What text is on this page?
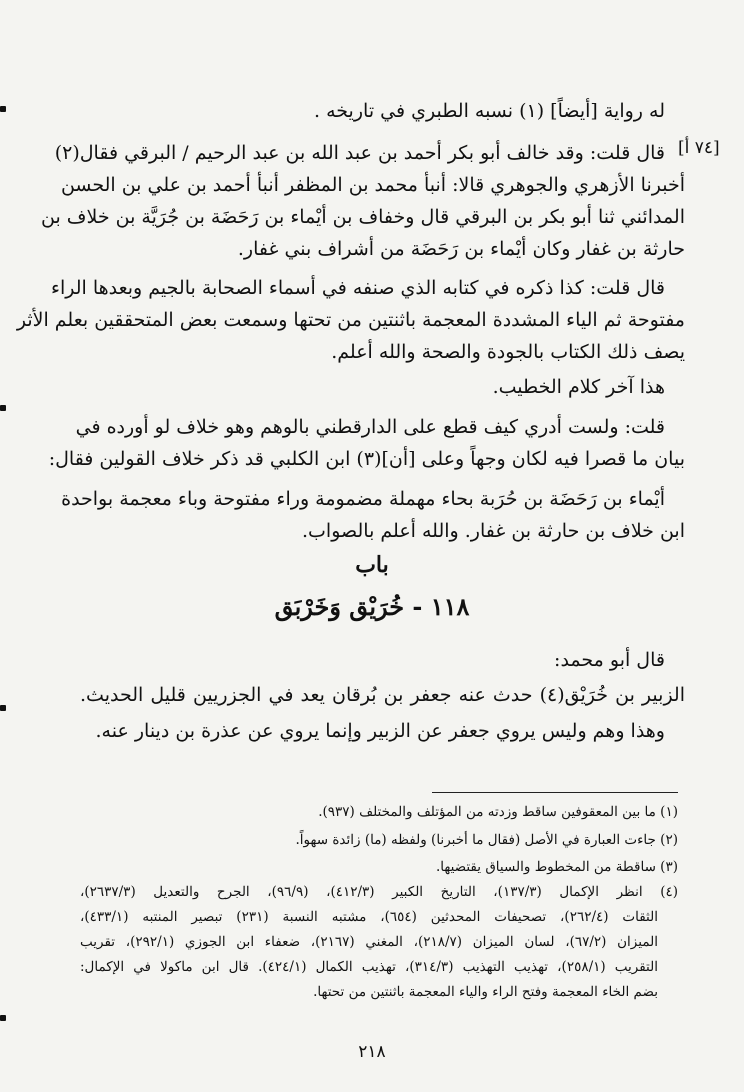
[٧٤ أ]
له رواية [أيضاً] (١) نسبه الطبري في تاريخه .
قال قلت: وقد خالف أبو بكر أحمد بن عبد الله بن عبد الرحيم / البرقي فقال(٢)
أخبرنا الأزهري والجوهري قالا: أنبأ محمد بن المظفر أنبأ أحمد بن علي بن الحسن
المدائني ثنا أبو بكر بن البرقي قال وخفاف بن أيْماء بن رَحَضَة بن جُرَيَّة بن خلاف بن
حارثة بن غفار وكان أيْماء بن رَحَضَة من أشراف بني غفار.
قال قلت: كذا ذكره في كتابه الذي صنفه في أسماء الصحابة بالجيم وبعدها الراء
مفتوحة ثم الياء المشددة المعجمة باثنتين من تحتها وسمعت بعض المتحققين بعلم الأثر
يصف ذلك الكتاب بالجودة والصحة والله أعلم.
هذا آخر كلام الخطيب.
قلت: ولست أدري كيف قطع على الدارقطني بالوهم وهو خلاف لو أورده في
بيان ما قصرا فيه لكان وجهاً وعلى [أن](٣) ابن الكلبي قد ذكر خلاف القولين فقال:
أيْماء بن رَحَضَة بن حُرَبة بحاء مهملة مضمومة وراء مفتوحة وباء معجمة بواحدة
ابن خلاف بن حارثة بن غفار. والله أعلم بالصواب.
باب
١١٨ - خُرَيْق وَخَرْبَق
قال أبو محمد:
الزبير بن خُرَيْق(٤) حدث عنه جعفر بن بُرقان يعد في الجزريين قليل الحديث.
وهذا وهم وليس يروي جعفر عن الزبير وإنما يروي عن عذرة بن دينار عنه.
(١) ما بين المعقوفين ساقط وزدته من المؤتلف والمختلف (٩٣٧).
(٢) جاءت العبارة في الأصل (فقال ما أخبرنا) ولفظه (ما) زائدة سهواً.
(٣) ساقطة من المخطوط والسياق يقتضيها.
(٤) انظر الإكمال (١٣٧/٣)، التاريخ الكبير (٤١٢/٣)، (٩٦/٩)، الجرح والتعديل (٢٦٣٧/٣)،
الثقات (٢٦٢/٤)، تصحيفات المحدثين (٦٥٤)، مشتبه النسبة (٢٣١) تبصير المنتبه (٤٣٣/١)،
الميزان (٦٧/٢)، لسان الميزان (٢١٨/٧)، المغني (٢١٦٧)، ضعفاء ابن الجوزي (٢٩٢/١)، تقريب
التقريب (٢٥٨/١)، تهذيب التهذيب (٣١٤/٣)، تهذيب الكمال (٤٢٤/١). قال ابن ماكولا في الإكمال:
بضم الخاء المعجمة وفتح الراء والياء المعجمة باثنتين من تحتها.
٢١٨
